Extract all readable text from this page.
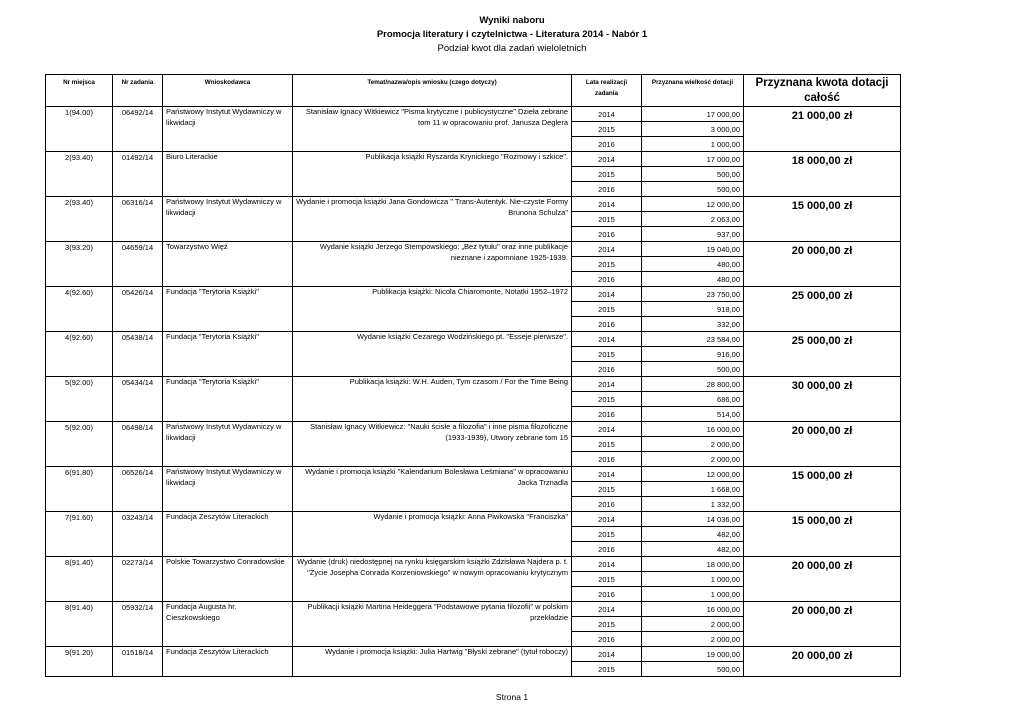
Wyniki naboru
Promocja literatury i czytelnictwa - Literatura 2014 - Nabór 1
Podział kwot dla zadań wieloletnich
Nr miejsca	Nr zadania	Wnioskodawca	Temat/nazwa/opis wniosku (czego dotyczy)	Lata realizacji zadania	Przyznana wielkość dotacji	Przyznana kwota dotacji całość
1(94.00)	06492/14	Państwowy Instytut Wydawniczy w likwidacji	Stanisław Ignacy Witkiewicz "Pisma krytyczne i publicystyczne" Dzieła zebrane tom 11 w opracowaniu prof. Janusza Deglera	2014	17 000,00	21 000,00 zł
				2015	3 000,00	
				2016	1 000,00	
2(93.40)	01492/14	Biuro Literackie	Publikacja książki Ryszarda Krynickiego "Rozmowy i szkice".	2014	17 000,00	18 000,00 zł
				2015	500,00	
				2016	500,00	
2(93.40)	06316/14	Państwowy Instytut Wydawniczy w likwidacji	Wydanie i promocja książki Jana Gondowicza " Trans-Autentyk. Nie-czyste Formy Brunona Schulza"	2014	12 000,00	15 000,00 zł
				2015	2 063,00	
				2016	937,00	
3(93.20)	04659/14	Towarzystwo Więź	Wydanie książki Jerzego Stempowskiego: „Bez tytułu" oraz inne publikacje nieznane i zapomniane 1925-1939.	2014	19 040,00	20 000,00 zł
				2015	480,00	
				2016	480,00	
4(92.60)	05426/14	Fundacja "Terytoria Książki"	Publikacja książki: Nicola Chiaromonte, Notatki 1952–1972	2014	23 750,00	25 000,00 zł
				2015	918,00	
				2016	332,00	
4(92.60)	05438/14	Fundacja "Terytoria Książki"	Wydanie książki Cezarego Wodzińskiego pt. "Esseje pierwsze".	2014	23 584,00	25 000,00 zł
				2015	916,00	
				2016	500,00	
5(92.00)	05434/14	Fundacja "Terytoria Książki"	Publikacja książki: W.H. Auden, Tym czasom / For the Time Being	2014	28 800,00	30 000,00 zł
				2015	686,00	
				2016	514,00	
5(92.00)	06498/14	Państwowy Instytut Wydawniczy w likwidacji	Stanisław Ignacy Witkiewicz: "Nauki ścisłe a filozofia" i inne pisma filozoficzne (1933-1939), Utwory zebrane tom 15	2014	16 000,00	20 000,00 zł
				2015	2 000,00	
				2016	2 000,00	
6(91.80)	06526/14	Państwowy Instytut Wydawniczy w likwidacji	Wydanie i promocja książki "Kalendarium Bolesława Leśmiana" w opracowaniu Jacka Trznadla	2014	12 000,00	15 000,00 zł
				2015	1 668,00	
				2016	1 332,00	
7(91.60)	03243/14	Fundacja Zeszytów Literackich	Wydanie i promocja książki: Anna Piwkowska "Franciszka"	2014	14 036,00	15 000,00 zł
				2015	482,00	
				2016	482,00	
8(91.40)	02273/14	Polskie Towarzystwo Conradowskie	Wydanie (druk) niedostępnej na rynku księgarskim książki Zdzisława Najdera p. t. "Życie Josepha Conrada Korzeniowskiego" w nowym opracowaniu krytycznym	2014	18 000,00	20 000,00 zł
				2015	1 000,00	
				2016	1 000,00	
8(91.40)	05932/14	Fundacja Augusta hr. Cieszkowskiego	Publikacji książki Martina Heideggera "Podstawowe pytania filozofii" w polskim przekładzie	2014	16 000,00	20 000,00 zł
				2015	2 000,00	
				2016	2 000,00	
9(91.20)	01518/14	Fundacja Zeszytów Literackich	Wydanie i promocja książki: Julia Hartwig "Błyski zebrane" (tytuł roboczy)	2014	19 000,00	20 000,00 zł
				2015	500,00	
Strona 1
